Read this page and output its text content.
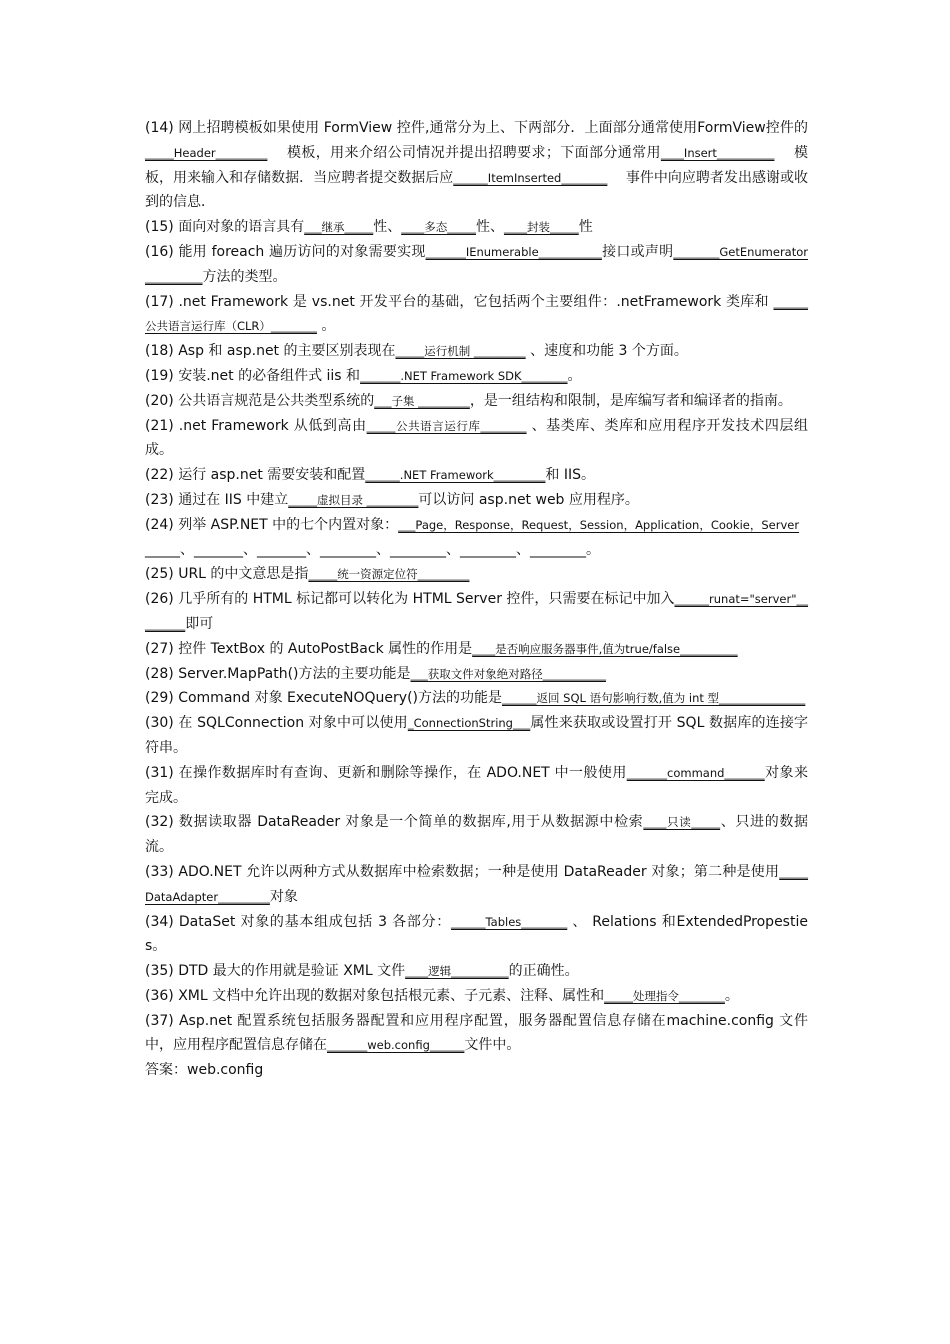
(14) 网上招聘模板如果使用 FormView 控件,通常分为上、下两部分．上面部分通常使用FormView控件的_____Header_________　 模板，用来介绍公司情况并提出招聘要求；下面部分通常用____Insert__________　 模板，用来输入和存储数据．当应聘者提交数据后应______ItemInserted________　 事件中向应聘者发出感谢或收到的信息．
(15) 面向对象的语言具有___继承_____性、____多态_____性、____封装_____性
(16) 能用 foreach 遍历访问的对象需要实现_______IEnumerable___________接口或声明________GetEnumerator__________方法的类型。
(17) .net Framework 是 vs.net 开发平台的基础，它包括两个主要组件：.netFramework 类库和 ______公共语言运行库（CLR）________ 。
(18) Asp 和 asp.net 的主要区别表现在_____运行机制 _________ 、速度和功能 3 个方面。
(19) 安装.net 的必备组件式 iis 和_______.NET Framework SDK________。
(20) 公共语言规范是公共类型系统的___子集 _________，是一组结构和限制，是库编写者和编译者的指南。
(21) .net Framework 从低到高由_____公共语言运行库________ 、基类库、类库和应用程序开发技术四层组成。
(22) 运行 asp.net 需要安装和配置______.NET Framework_________和 IIS。
(23) 通过在 IIS 中建立_____虚拟目录 _________可以访问 asp.net web 应用程序。
(24) 列举 ASP.NET 中的七个内置对象：___Page，Response，Request，Session，Application，Cookie，Server
_____、_______、_______、________、________、________、________。
(25) URL 的中文意思是指_____统一资源定位符_________
(26) 几乎所有的 HTML 标记都可以转化为 HTML Server 控件，只需要在标记中加入______runat="server"_________即可
(27) 控件 TextBox 的 AutoPostBack 属性的作用是____是否响应服务器事件,值为true/false__________
(28) Server.MapPath()方法的主要功能是___获取文件对象绝对路径___________
(29) Command 对象 ExecuteNOQuery()方法的功能是______返回 SQL 语句影响行数,值为 int 型_______________
(30) 在 SQLConnection 对象中可以使用_ConnectionString___属性来获取或设置打开 SQL 数据库的连接字符串。
(31) 在操作数据库时有查询、更新和删除等操作，在 ADO.NET 中一般使用_______command_______对象来完成。
(32) 数据读取器 DataReader 对象是一个简单的数据库,用于从数据源中检索____只读_____、只进的数据流。
(33) ADO.NET 允许以两种方式从数据库中检索数据；一种是使用 DataReader 对象；第二种是使用_____DataAdapter_________对象
(34) DataSet 对象的基本组成包括 3 各部分：______Tables________ 、 Relations 和ExtendedPropesties。
(35) DTD 最大的作用就是验证 XML 文件____逻辑__________的正确性。
(36) XML 文档中允许出现的数据对象包括根元素、子元素、注释、属性和_____处理指令________。
(37) Asp.net 配置系统包括服务器配置和应用程序配置，服务器配置信息存储在machine.config 文件中，应用程序配置信息存储在_______web.config______文件中。
答案：web.config
